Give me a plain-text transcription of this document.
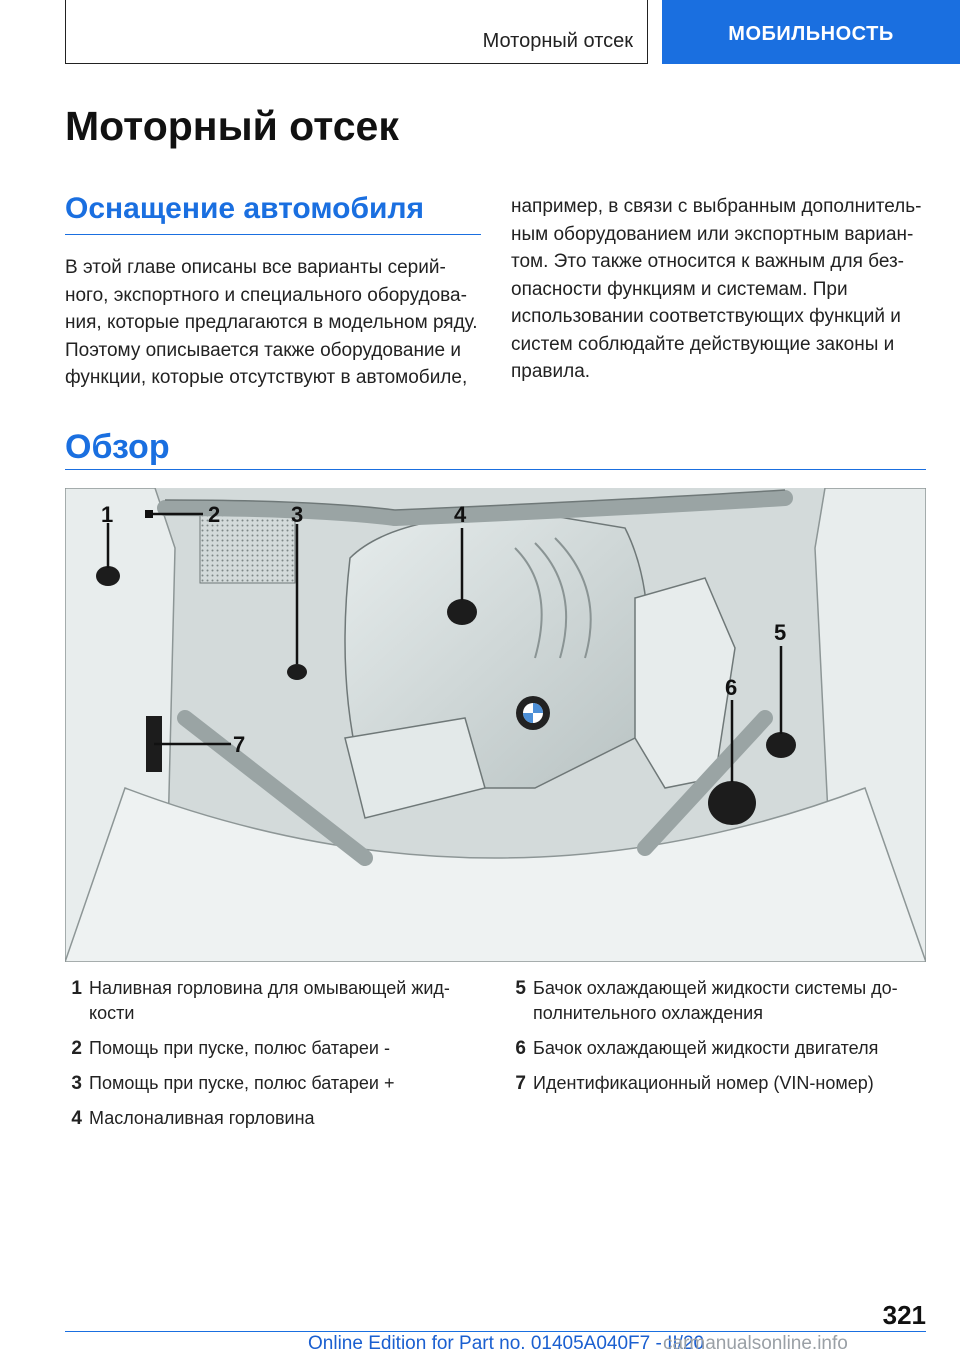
Моторный отсек	МОБИЛЬНОСТЬ
Моторный отсек
Оснащение автомобиля

В этой главе описаны все варианты серий-ного, экспортного и специального оборудова-ния, которые предлагаются в модельном ряду. Поэтому описывается также оборудование и функции, которые отсутствуют в автомобиле,

например, в связи с выбранным дополнитель-ным оборудованием или экспортным вариан-том. Это также относится к важным для без-опасности функциям и системам. При использовании соответствующих функций и систем соблюдайте действующие законы и правила.

Обзор
1	2	3	4
5
6
7
1 Наливная горловина для омывающей жид-кости
2 Помощь при пуске, полюс батареи -
3 Помощь при пуске, полюс батареи +
4 Маслоналивная горловина
5 Бачок охлаждающей жидкости системы до-полнительного охлаждения
6 Бачок охлаждающей жидкости двигателя
7 Идентификационный номер (VIN-номер)
321
Online Edition for Part no. 01405A040F7 - II/20
carmanualsonline.info
